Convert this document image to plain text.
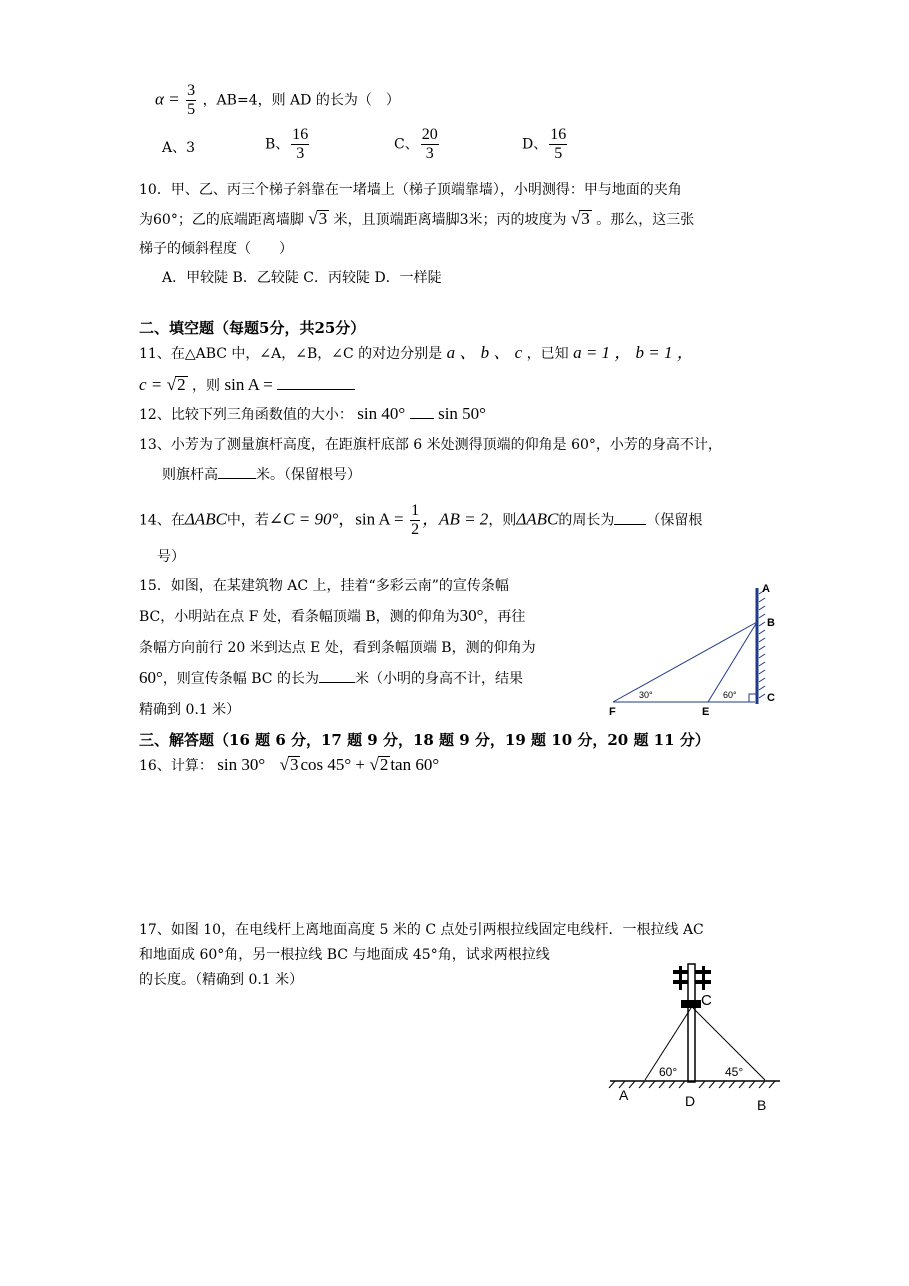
$\alpha = \frac{3}{5}$ ，AB=4，则 AD 的长为（　）
A、3	B、 $\frac{16}{3}$	C、 $\frac{20}{3}$	D、 $\frac{16}{5}$
10．甲、乙、丙三个梯子斜靠在一堵墙上（梯子顶端靠墙），小明测得：甲与地面的夹角
为60°；乙的底端距离墙脚 √3 米，且顶端距离墙脚3米；丙的坡度为 √3 。那么，这三张
梯子的倾斜程度（　　）
A．甲较陡 B．乙较陡 C．丙较陡 D．一样陡
二、填空题（每题5分，共25分）
11、在△ABC 中，∠A，∠B，∠C 的对边分别是 a 、 b 、 c ，已知 a = 1 ， b = 1 ，
c = √2 ，则 sin A =
12、比较下列三角函数值的大小： sin 40° sin 50°
13、小芳为了测量旗杆高度，在距旗杆底部 6 米处测得顶端的仰角是 60°，小芳的身高不计，
则旗杆高	米。（保留根号）
14、在ΔABC中，若∠C = 90°，$\sin A = \frac{1}{2}$ ，AB = 2，则ΔABC的周长为 （保留根
号）
15．如图，在某建筑物 AC 上，挂着“多彩云南”的宣传条幅
BC，小明站在点 F 处，看条幅顶端 B，测的仰角为30°，再往
条幅方向前行 20 米到达点 E 处，看到条幅顶端 B，测的仰角为
60°，则宣传条幅 BC 的长为	米（小明的身高不计，结果
精确到 0.1 米）
A
B
C
F	E
30°	60°
三、解答题（16 题 6 分，17 题 9 分，18 题 9 分，19 题 10 分，20 题 11 分）
16、计算： sin 30° √3 cos 45° + √2 tan 60°
17、如图 10，在电线杆上离地面高度 5 米的 C 点处引两根拉线固定电线杆．一根拉线 AC
和地面成 60°角，另一根拉线 BC 与地面成 45°角，试求两根拉线
的长度。（精确到 0.1 米）
C
A	D	B
60°	45°
